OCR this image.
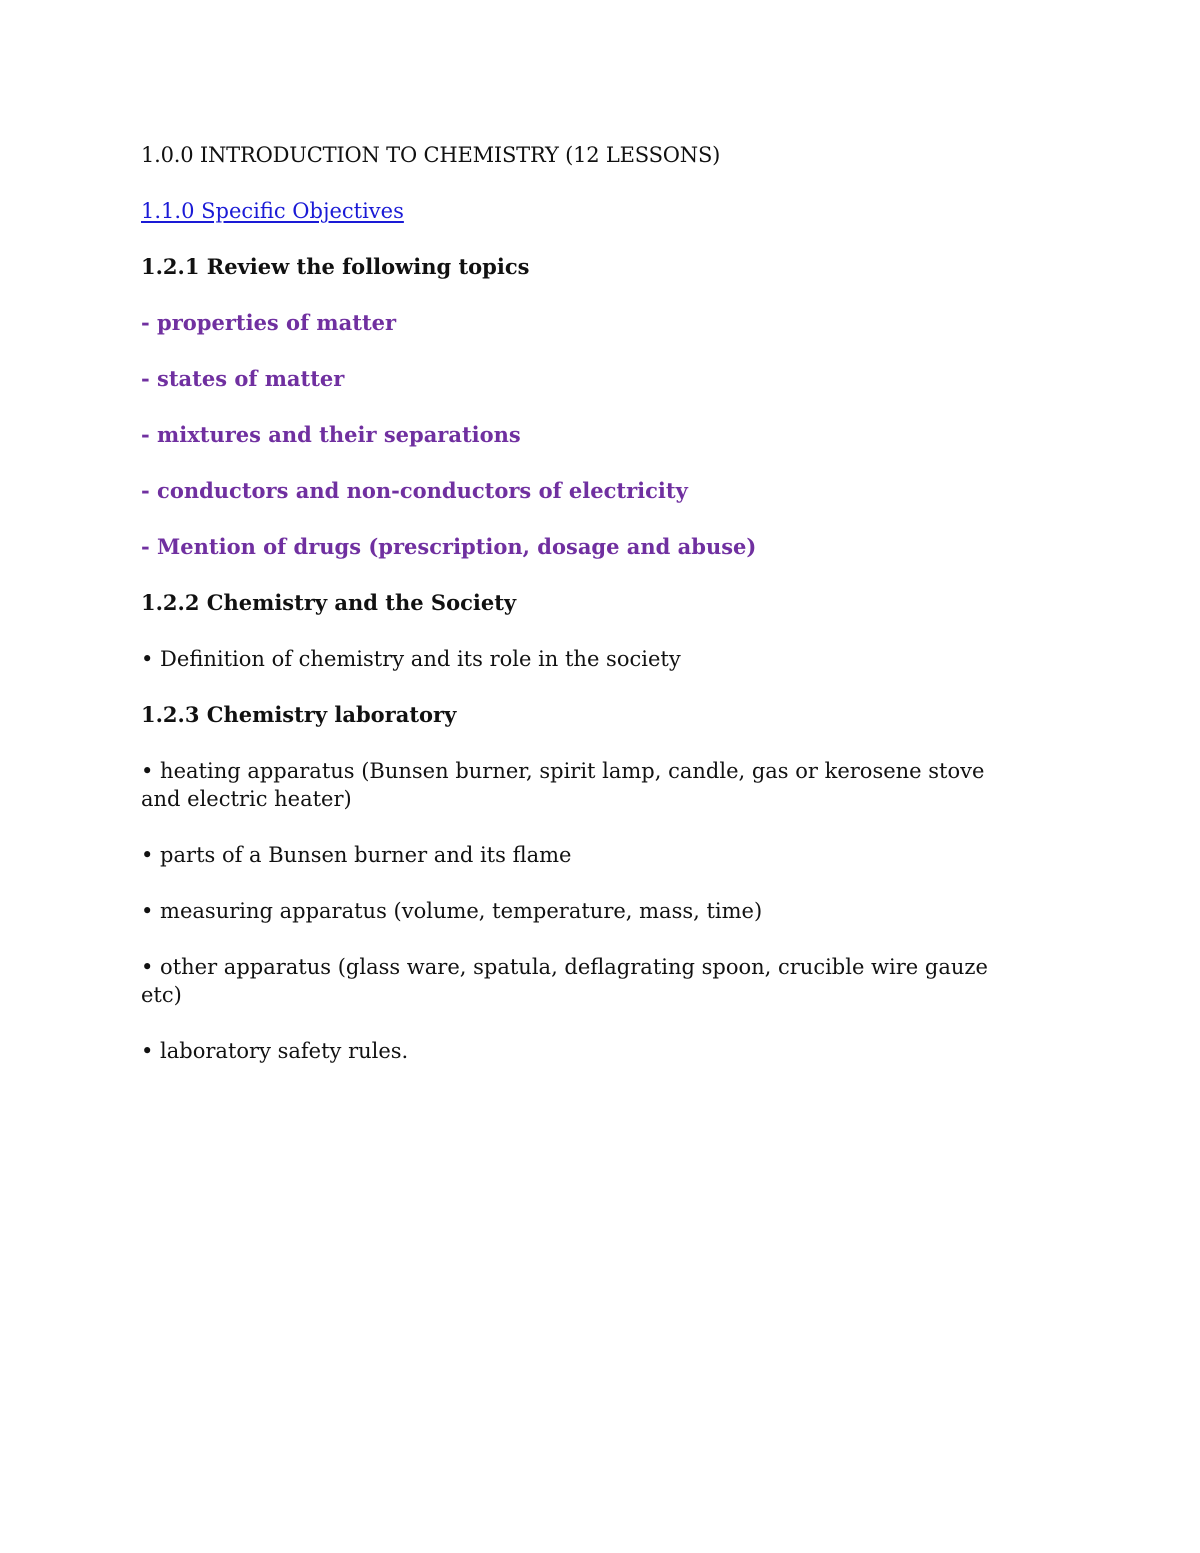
1.0.0 INTRODUCTION TO CHEMISTRY (12 LESSONS)

1.1.0 Specific Objectives

1.2.1 Review the following topics

- properties of matter

- states of matter

- mixtures and their separations

- conductors and non-conductors of electricity

- Mention of drugs (prescription, dosage and abuse)

1.2.2 Chemistry and the Society

• Definition of chemistry and its role in the society

1.2.3 Chemistry laboratory

• heating apparatus (Bunsen burner, spirit lamp, candle, gas or kerosene stove and electric heater)

• parts of a Bunsen burner and its flame

• measuring apparatus (volume, temperature, mass, time)

• other apparatus (glass ware, spatula, deflagrating spoon, crucible wire gauze etc)

• laboratory safety rules.
